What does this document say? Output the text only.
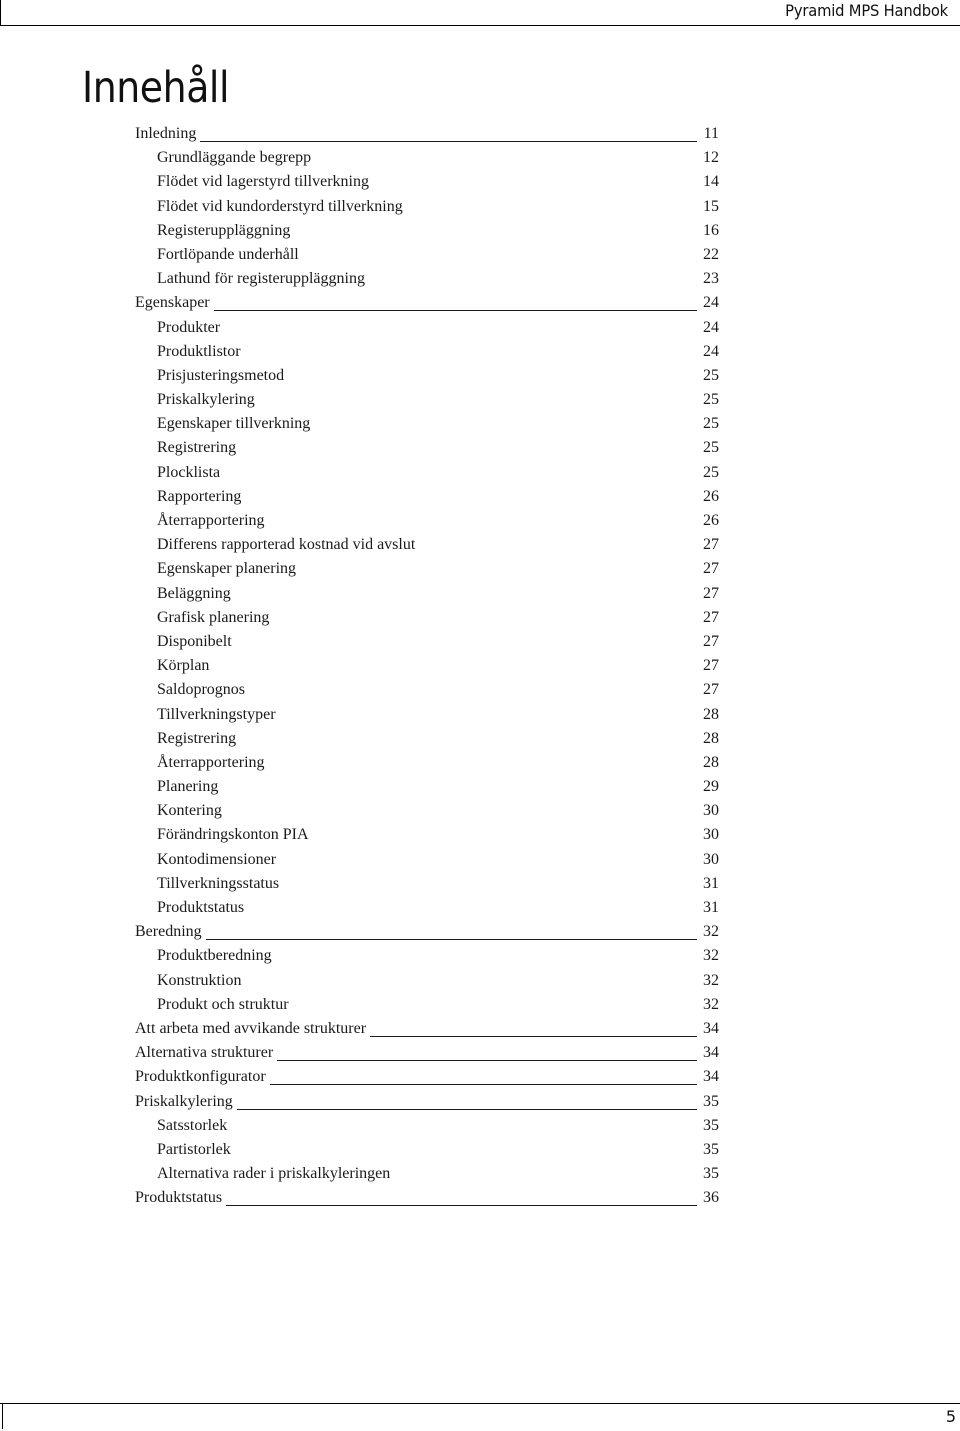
Pyramid MPS Handbok
Innehåll
Inledning	11
Grundläggande begrepp	12
Flödet vid lagerstyrd tillverkning	14
Flödet vid kundorderstyrd tillverkning	15
Registeruppläggning	16
Fortlöpande underhåll	22
Lathund för registeruppläggning	23
Egenskaper	24
Produkter	24
Produktlistor	24
Prisjusteringsmetod	25
Priskalkylering	25
Egenskaper tillverkning	25
Registrering	25
Plocklista	25
Rapportering	26
Återrapportering	26
Differens rapporterad kostnad vid avslut	27
Egenskaper planering	27
Beläggning	27
Grafisk planering	27
Disponibelt	27
Körplan	27
Saldoprognos	27
Tillverkningstyper	28
Registrering	28
Återrapportering	28
Planering	29
Kontering	30
Förändringskonton PIA	30
Kontodimensioner	30
Tillverkningsstatus	31
Produktstatus	31
Beredning	32
Produktberedning	32
Konstruktion	32
Produkt och struktur	32
Att arbeta med avvikande strukturer	34
Alternativa strukturer	34
Produktkonfigurator	34
Priskalkylering	35
Satsstorlek	35
Partistorlek	35
Alternativa rader i priskalkyleringen	35
Produktstatus	36
5
